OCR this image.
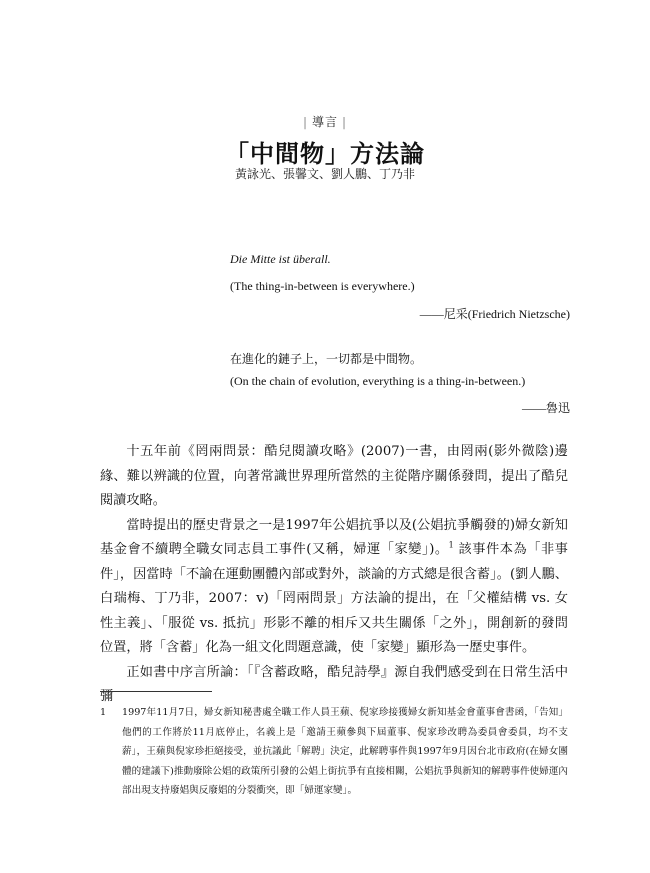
| 導言 |
「中間物」方法論
黃詠光、張馨文、劉人鵬、丁乃非
Die Mitte ist überall.
(The thing-in-between is everywhere.)
——尼采(Friedrich Nietzsche)
在進化的鏈子上，一切都是中間物。
(On the chain of evolution, everything is a thing-in-between.)
——魯迅

十五年前《罔兩問景：酷兒閱讀攻略》(2007)一書，由罔兩(影外微陰)邊緣、難以辨識的位置，向著常識世界理所當然的主從階序關係發問，提出了酷兒閱讀攻略。

當時提出的歷史背景之一是1997年公娼抗爭以及(公娼抗爭觸發的)婦女新知基金會不續聘全職女同志員工事件(又稱，婦運「家變」)。$^1$ 該事件本為「非事件」，因當時「不論在運動團體內部或對外，談論的方式總是很含蓄」。(劉人鵬、白瑞梅、丁乃非，2007：v)「罔兩問景」方法論的提出，在「父權結構 vs. 女性主義」、「服從 vs. 抵抗」形影不離的相斥又共生關係「之外」，開創新的發問位置，將「含蓄」化為一組文化問題意識，使「家變」顯形為一歷史事件。

正如書中序言所論：「『含蓄政略，酷兒詩學』源自我們感受到在日常生活中彌

1 1997年11月7日，婦女新知秘書處全職工作人員王蘋、倪家珍接獲婦女新知基金會董事會書函，「告知」他們的工作將於11月底停止，名義上是「邀請王蘋參與下屆董事、倪家珍改聘為委員會委員，均不支薪」，王蘋與倪家珍拒絕接受，並抗議此「解聘」決定，此解聘事件與1997年9月因台北市政府(在婦女團體的建議下)推動廢除公娼的政策所引發的公娼上街抗爭有直接相關，公娼抗爭與新知的解聘事件使婦運內部出現支持廢娼與反廢娼的分裂衝突，即「婦運家變」。
